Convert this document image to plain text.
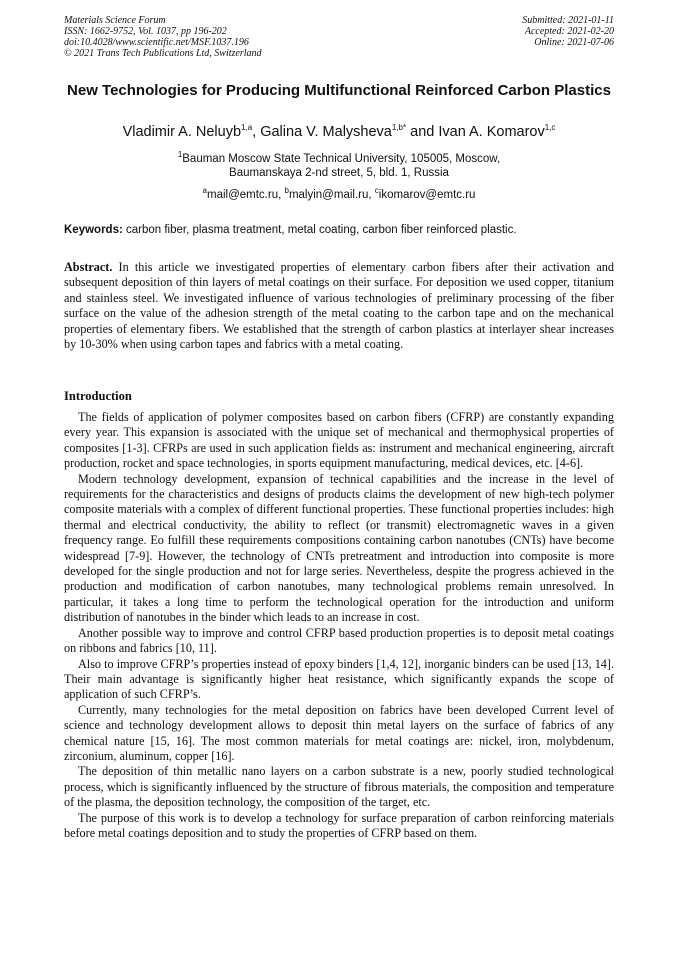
Materials Science Forum
ISSN: 1662-9752, Vol. 1037, pp 196-202
doi:10.4028/www.scientific.net/MSF.1037.196
© 2021 Trans Tech Publications Ltd, Switzerland
Submitted: 2021-01-11
Accepted: 2021-02-20
Online: 2021-07-06
New Technologies for Producing Multifunctional Reinforced Carbon Plastics
Vladimir A. Neluyb$^{1,a}$, Galina V. Malysheva$^{1,b*}$ and Ivan A. Komarov$^{1,c}$
$^1$Bauman Moscow State Technical University, 105005, Moscow,
Baumanskaya 2-nd street, 5, bld. 1, Russia
$^a$mail@emtc.ru, $^b$malyin@mail.ru, $^c$ikomarov@emtc.ru
Keywords: carbon fiber, plasma treatment, metal coating, carbon fiber reinforced plastic.
Abstract. In this article we investigated properties of elementary carbon fibers after their activation and subsequent deposition of thin layers of metal coatings on their surface. For deposition we used copper, titanium and stainless steel. We investigated influence of various technologies of preliminary processing of the fiber surface on the value of the adhesion strength of the metal coating to the carbon tape and on the mechanical properties of elementary fibers. We established that the strength of carbon plastics at interlayer shear increases by 10-30% when using carbon tapes and fabrics with a metal coating.
Introduction

The fields of application of polymer composites based on carbon fibers (CFRP) are constantly expanding every year. This expansion is associated with the unique set of mechanical and thermophysical properties of composites [1-3]. CFRPs are used in such application fields as: instrument and mechanical engineering, aircraft production, rocket and space technologies, in sports equipment manufacturing, medical devices, etc. [4-6].

Modern technology development, expansion of technical capabilities and the increase in the level of requirements for the characteristics and designs of products claims the development of new high-tech polymer composite materials with a complex of different functional properties. These functional properties includes: high thermal and electrical conductivity, the ability to reflect (or transmit) electromagnetic waves in a given frequency range. Eo fulfill these requirements compositions containing carbon nanotubes (CNTs) have become widespread [7-9]. However, the technology of CNTs pretreatment and introduction into composite is more developed for the single production and not for large series. Nevertheless, despite the progress achieved in the production and modification of carbon nanotubes, many technological problems remain unresolved. In particular, it takes a long time to perform the technological operation for the introduction and uniform distribution of nanotubes in the binder which leads to an increase in cost.

Another possible way to improve and control CFRP based production properties is to deposit metal coatings on ribbons and fabrics [10, 11].

Also to improve CFRP’s properties instead of epoxy binders [1,4, 12], inorganic binders can be used [13, 14]. Their main advantage is significantly higher heat resistance, which significantly expands the scope of application of such CFRP’s.

Currently, many technologies for the metal deposition on fabrics have been developed Current level of science and technology development allows to deposit thin metal layers on the surface of fabrics of any chemical nature [15, 16]. The most common materials for metal coatings are: nickel, iron, molybdenum, zirconium, aluminum, copper [16].

The deposition of thin metallic nano layers on a carbon substrate is a new, poorly studied technological process, which is significantly influenced by the structure of fibrous materials, the composition and temperature of the plasma, the deposition technology, the composition of the target, etc.

The purpose of this work is to develop a technology for surface preparation of carbon reinforcing materials before metal coatings deposition and to study the properties of CFRP based on them.
